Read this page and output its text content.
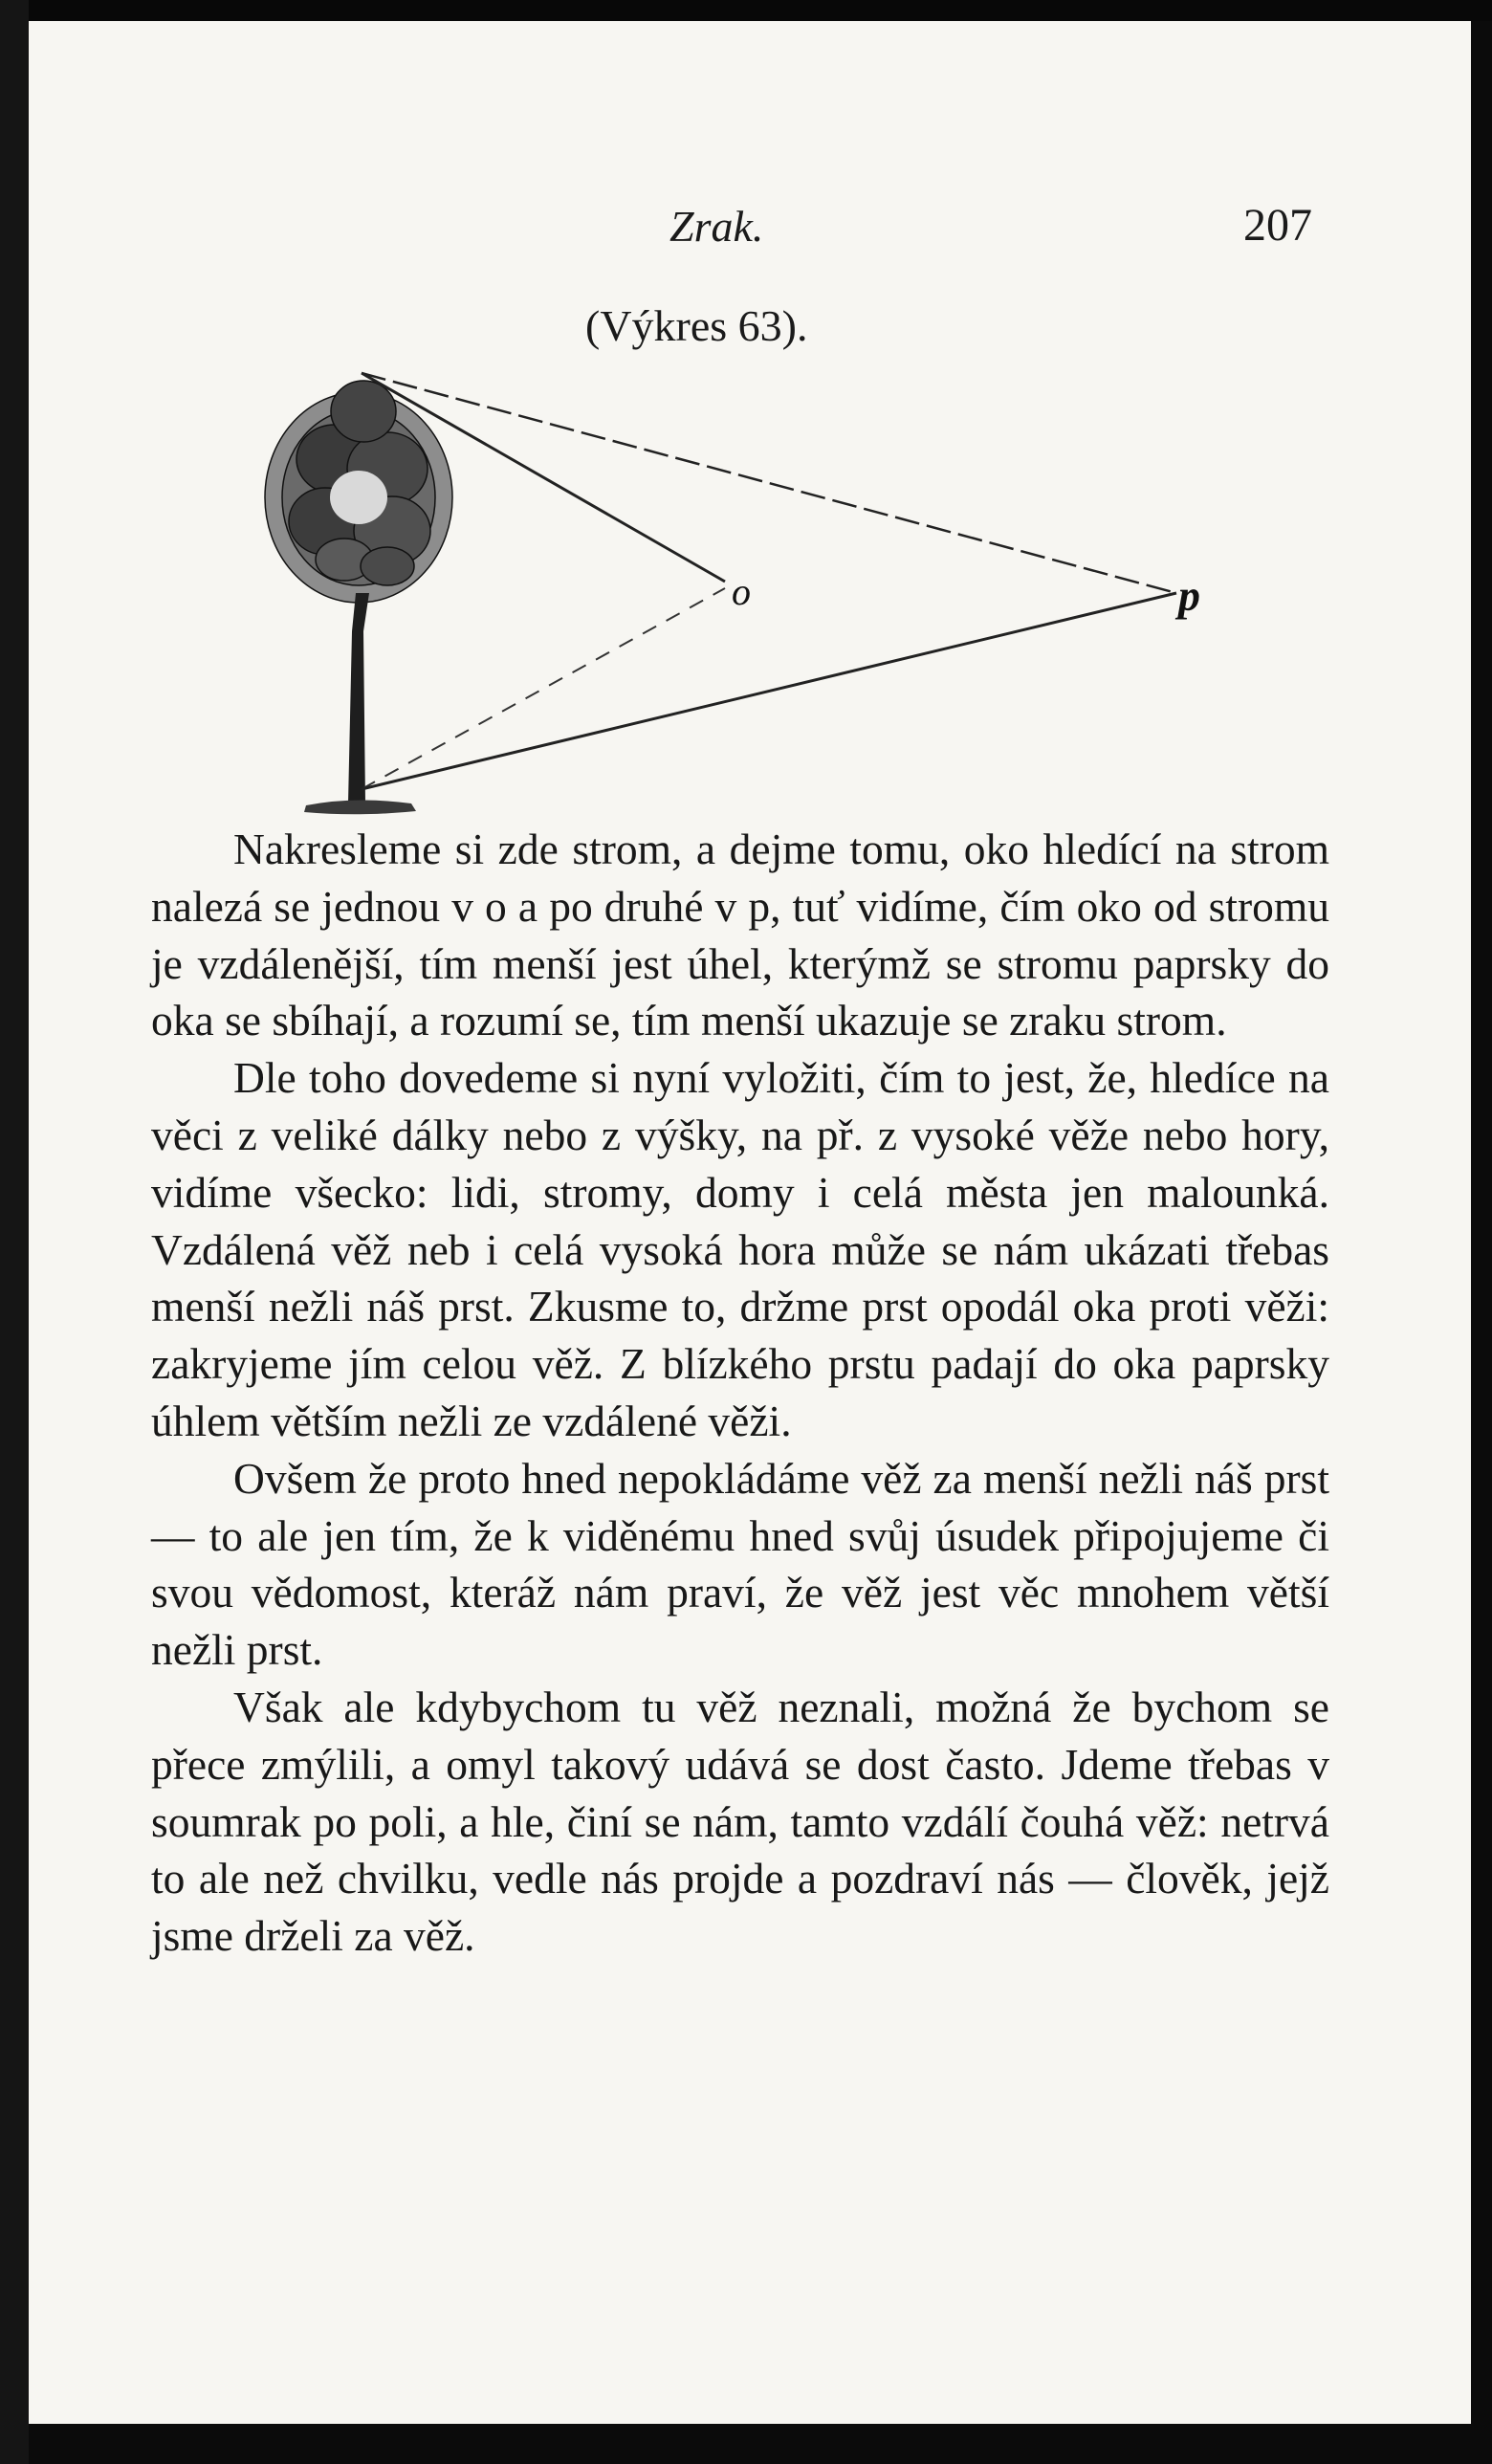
Zrak.	207
(Výkres 63).
o	p

Nakresleme si zde strom, a dejme tomu, oko hledící na strom nalezá se jednou v o a po druhé v p, tuť vidíme, čím oko od stromu je vzdálenější, tím menší jest úhel, kterýmž se stromu paprsky do oka se sbíhají, a rozumí se, tím menší ukazuje se zraku strom.

Dle toho dovedeme si nyní vyložiti, čím to jest, že, hledíce na věci z veliké dálky nebo z výšky, na př. z vysoké věže nebo hory, vidíme všecko: lidi, stromy, domy i celá města jen malounká. Vzdálená věž neb i celá vysoká hora může se nám ukázati třebas menší nežli náš prst. Zkusme to, držme prst opodál oka proti věži: zakryjeme jím celou věž. Z blízkého prstu padají do oka paprsky úhlem větším nežli ze vzdálené věži.

Ovšem že proto hned nepokládáme věž za menší nežli náš prst — to ale jen tím, že k viděnému hned svůj úsudek připojujeme či svou vědomost, kteráž nám praví, že věž jest věc mnohem větší nežli prst.

Však ale kdybychom tu věž neznali, možná že bychom se přece zmýlili, a omyl takový udává se dost často. Jdeme třebas v soumrak po poli, a hle, činí se nám, tamto vzdálí čouhá věž: netrvá to ale než chvilku, vedle nás projde a pozdraví nás — člověk, jejž jsme drželi za věž.
